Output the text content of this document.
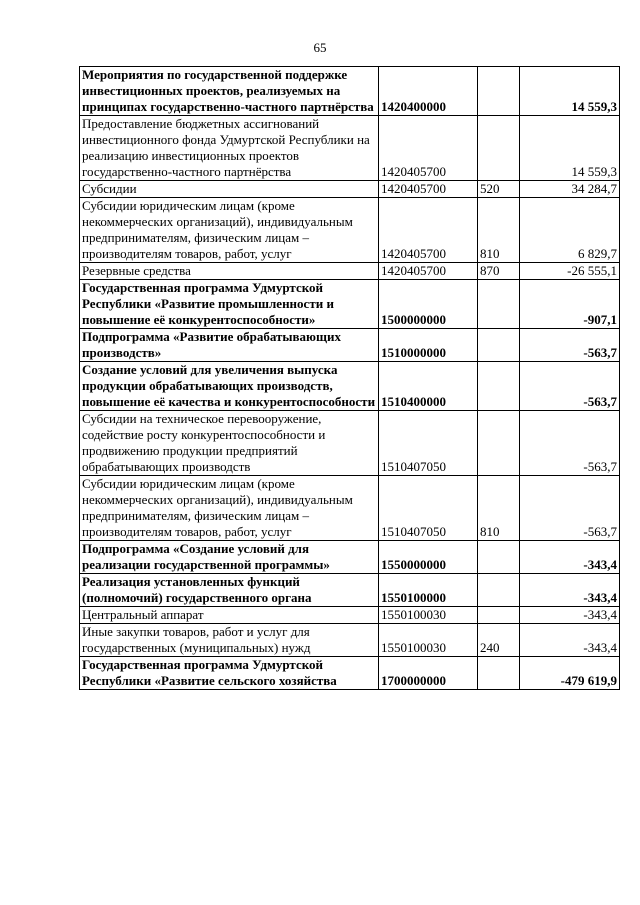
65
Мероприятия по государственной поддержке инвестиционных проектов, реализуемых на принципах государственно-частного партнёрства	1420400000		14 559,3
Предоставление бюджетных ассигнований инвестиционного фонда Удмуртской Республики на реализацию инвестиционных проектов государственно-частного партнёрства	1420405700		14 559,3
Субсидии	1420405700	520	34 284,7
Субсидии юридическим лицам (кроме некоммерческих организаций), индивидуальным предпринимателям, физическим лицам – производителям товаров, работ, услуг	1420405700	810	6 829,7
Резервные средства	1420405700	870	-26 555,1
Государственная программа Удмуртской Республики «Развитие промышленности и повышение её конкурентоспособности»	1500000000		-907,1
Подпрограмма «Развитие обрабатывающих производств»	1510000000		-563,7
Создание условий для увеличения выпуска продукции обрабатывающих производств, повышение её качества и конкурентоспособности	1510400000		-563,7
Субсидии на техническое перевооружение, содействие росту конкурентоспособности и продвижению продукции предприятий обрабатывающих производств	1510407050		-563,7
Субсидии юридическим лицам (кроме некоммерческих организаций), индивидуальным предпринимателям, физическим лицам – производителям товаров, работ, услуг	1510407050	810	-563,7
Подпрограмма «Создание условий для реализации государственной программы»	1550000000		-343,4
Реализация установленных функций (полномочий) государственного органа	1550100000		-343,4
Центральный аппарат	1550100030		-343,4
Иные закупки товаров, работ и услуг для государственных (муниципальных) нужд	1550100030	240	-343,4
Государственная программа Удмуртской Республики «Развитие сельского хозяйства	1700000000		-479 619,9
